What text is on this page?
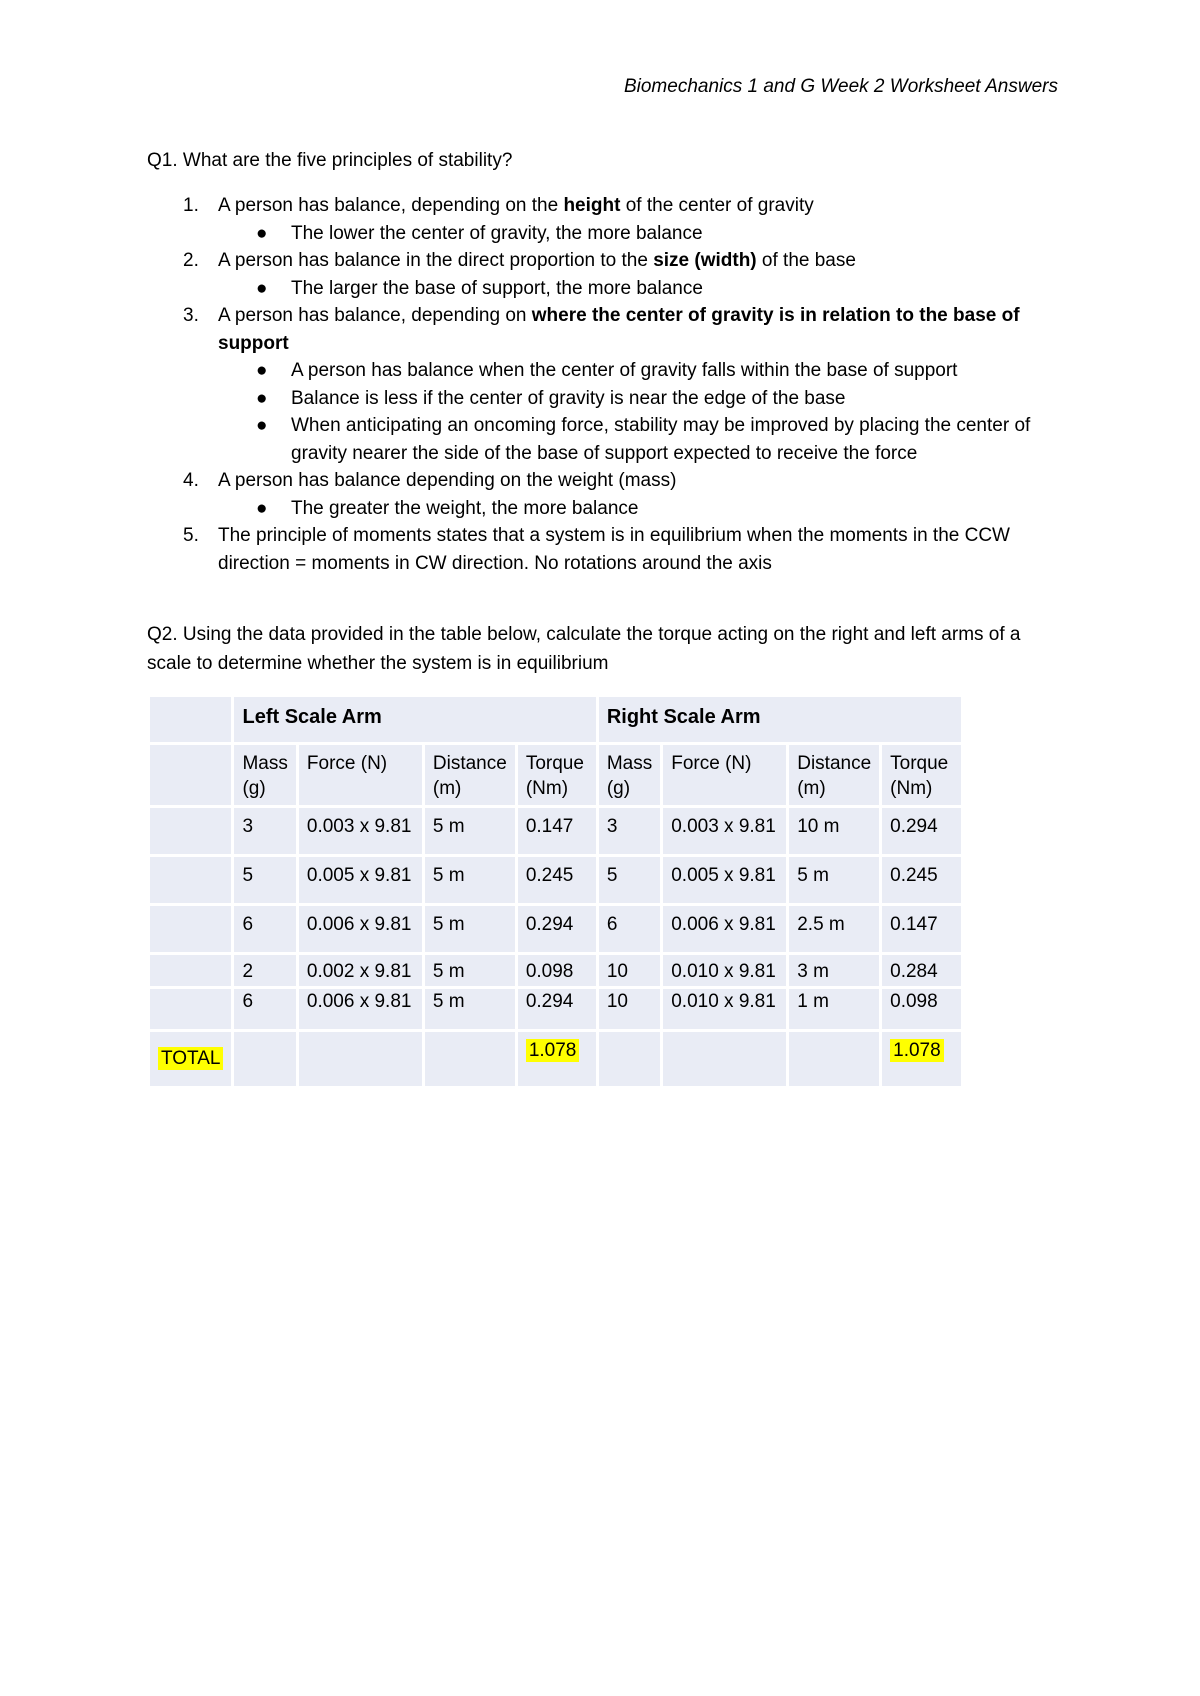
Biomechanics 1 and G Week 2 Worksheet Answers
Q1. What are the five principles of stability?
1. A person has balance, depending on the height of the center of gravity
● The lower the center of gravity, the more balance
2. A person has balance in the direct proportion to the size (width) of the base
● The larger the base of support, the more balance
3. A person has balance, depending on where the center of gravity is in relation to the base of support
● A person has balance when the center of gravity falls within the base of support
● Balance is less if the center of gravity is near the edge of the base
● When anticipating an oncoming force, stability may be improved by placing the center of gravity nearer the side of the base of support expected to receive the force
4. A person has balance depending on the weight (mass)
● The greater the weight, the more balance
5. The principle of moments states that a system is in equilibrium when the moments in the CCW direction = moments in CW direction. No rotations around the axis
Q2. Using the data provided in the table below, calculate the torque acting on the right and left arms of a scale to determine whether the system is in equilibrium
	Left Scale Arm				Right Scale Arm			
	Mass (g)	Force (N)	Distance (m)	Torque (Nm)	Mass (g)	Force (N)	Distance (m)	Torque (Nm)
	3	0.003 x 9.81	5 m	0.147	3	0.003 x 9.81	10 m	0.294
	5	0.005 x 9.81	5 m	0.245	5	0.005 x 9.81	5 m	0.245
	6	0.006 x 9.81	5 m	0.294	6	0.006 x 9.81	2.5 m	0.147
	2	0.002 x 9.81	5 m	0.098	10	0.010 x 9.81	3 m	0.284
	6	0.006 x 9.81	5 m	0.294	10	0.010 x 9.81	1 m	0.098
TOTAL				1.078				1.078
